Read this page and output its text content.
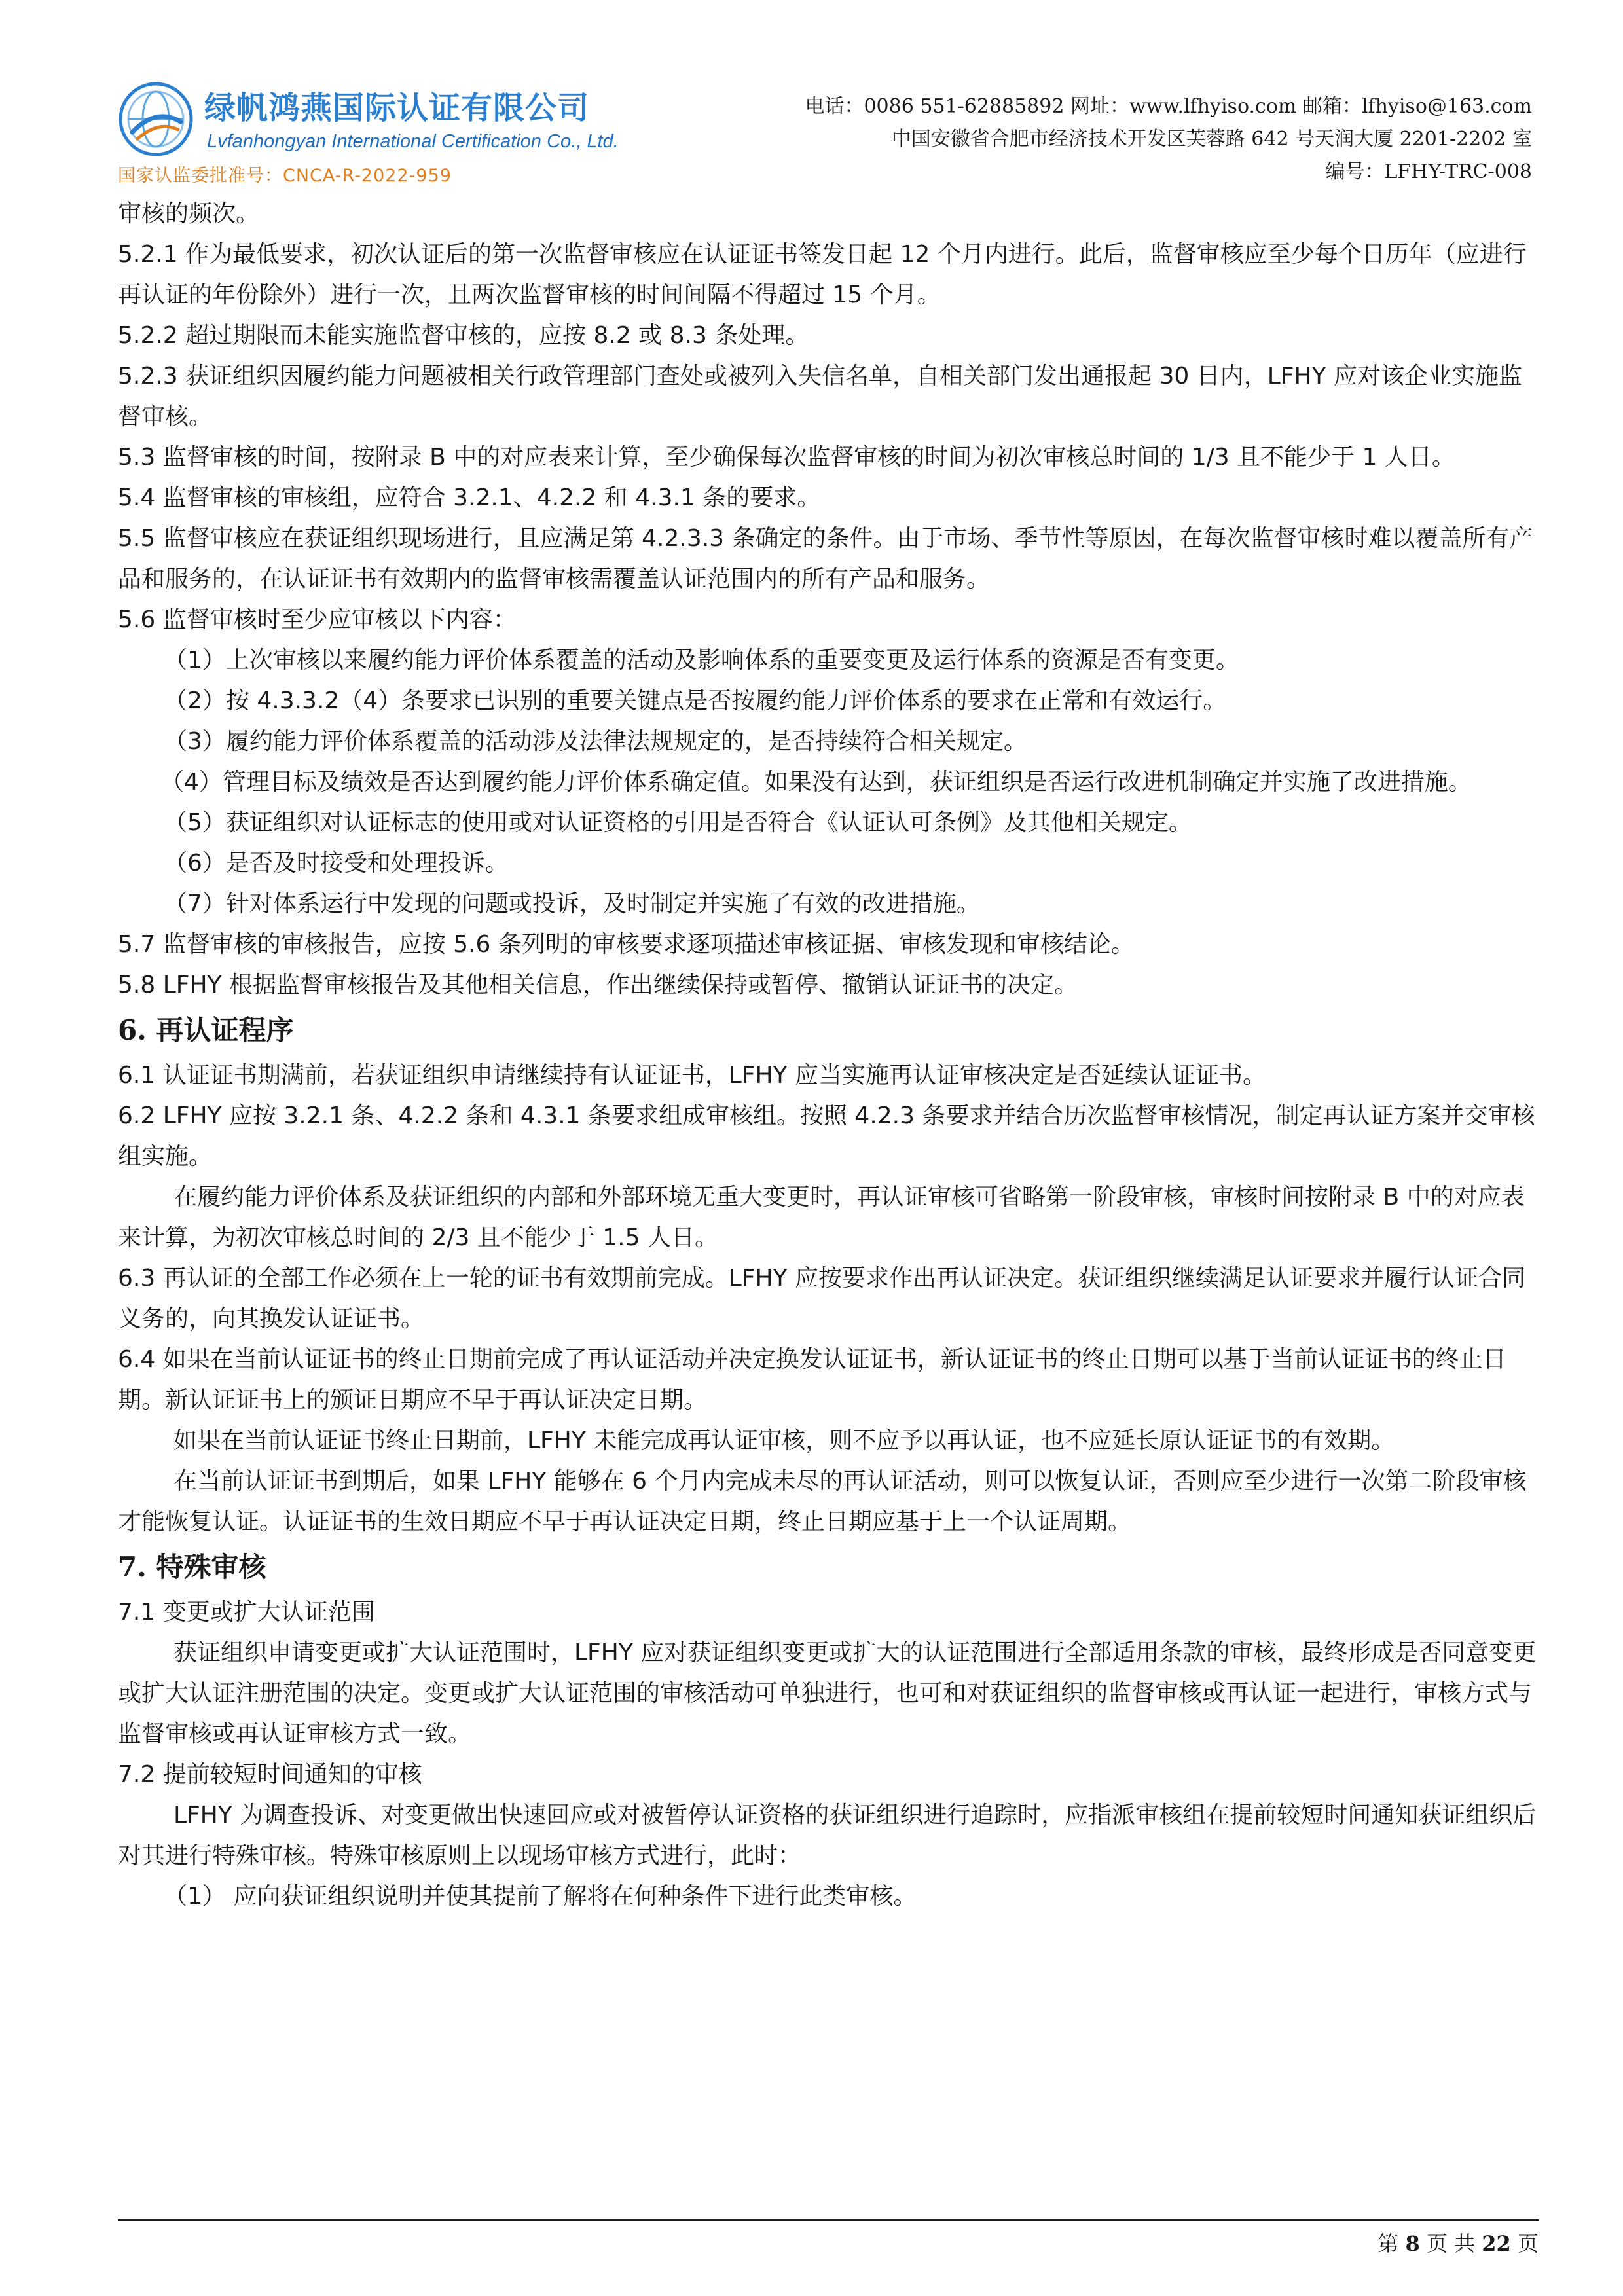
绿帆鸿燕国际认证有限公司
Lvfanhongyan International Certification Co., Ltd.
国家认监委批准号：CNCA-R-2022-959
电话：0086 551-62885892 网址：www.lfhyiso.com 邮箱：lfhyiso@163.com
中国安徽省合肥市经济技术开发区芙蓉路 642 号天润大厦 2201-2202 室
编号：LFHY-TRC-008

审核的频次。

5.2.1 作为最低要求，初次认证后的第一次监督审核应在认证证书签发日起 12 个月内进行。此后，监督审核应至少每个日历年（应进行再认证的年份除外）进行一次，且两次监督审核的时间间隔不得超过 15 个月。

5.2.2 超过期限而未能实施监督审核的，应按 8.2 或 8.3 条处理。

5.2.3 获证组织因履约能力问题被相关行政管理部门查处或被列入失信名单，自相关部门发出通报起 30 日内，LFHY 应对该企业实施监督审核。

5.3 监督审核的时间，按附录 B 中的对应表来计算，至少确保每次监督审核的时间为初次审核总时间的 1/3 且不能少于 1 人日。

5.4 监督审核的审核组，应符合 3.2.1、4.2.2 和 4.3.1 条的要求。

5.5 监督审核应在获证组织现场进行，且应满足第 4.2.3.3 条确定的条件。由于市场、季节性等原因，在每次监督审核时难以覆盖所有产品和服务的，在认证证书有效期内的监督审核需覆盖认证范围内的所有产品和服务。

5.6 监督审核时至少应审核以下内容：

（1）上次审核以来履约能力评价体系覆盖的活动及影响体系的重要变更及运行体系的资源是否有变更。

（2）按 4.3.3.2（4）条要求已识别的重要关键点是否按履约能力评价体系的要求在正常和有效运行。

（3）履约能力评价体系覆盖的活动涉及法律法规规定的，是否持续符合相关规定。

（4）管理目标及绩效是否达到履约能力评价体系确定值。如果没有达到，获证组织是否运行改进机制确定并实施了改进措施。

（5）获证组织对认证标志的使用或对认证资格的引用是否符合《认证认可条例》及其他相关规定。

（6）是否及时接受和处理投诉。

（7）针对体系运行中发现的问题或投诉，及时制定并实施了有效的改进措施。

5.7 监督审核的审核报告，应按 5.6 条列明的审核要求逐项描述审核证据、审核发现和审核结论。

5.8 LFHY 根据监督审核报告及其他相关信息，作出继续保持或暂停、撤销认证证书的决定。

6. 再认证程序

6.1 认证证书期满前，若获证组织申请继续持有认证证书，LFHY 应当实施再认证审核决定是否延续认证证书。

6.2 LFHY 应按 3.2.1 条、4.2.2 条和 4.3.1 条要求组成审核组。按照 4.2.3 条要求并结合历次监督审核情况，制定再认证方案并交审核组实施。

在履约能力评价体系及获证组织的内部和外部环境无重大变更时，再认证审核可省略第一阶段审核，审核时间按附录 B 中的对应表来计算，为初次审核总时间的 2/3 且不能少于 1.5 人日。

6.3 再认证的全部工作必须在上一轮的证书有效期前完成。LFHY 应按要求作出再认证决定。获证组织继续满足认证要求并履行认证合同义务的，向其换发认证证书。

6.4 如果在当前认证证书的终止日期前完成了再认证活动并决定换发认证证书，新认证证书的终止日期可以基于当前认证证书的终止日期。新认证证书上的颁证日期应不早于再认证决定日期。

如果在当前认证证书终止日期前，LFHY 未能完成再认证审核，则不应予以再认证，也不应延长原认证证书的有效期。

在当前认证证书到期后，如果 LFHY 能够在 6 个月内完成未尽的再认证活动，则可以恢复认证，否则应至少进行一次第二阶段审核才能恢复认证。认证证书的生效日期应不早于再认证决定日期，终止日期应基于上一个认证周期。

7. 特殊审核

7.1 变更或扩大认证范围

获证组织申请变更或扩大认证范围时，LFHY 应对获证组织变更或扩大的认证范围进行全部适用条款的审核，最终形成是否同意变更或扩大认证注册范围的决定。变更或扩大认证范围的审核活动可单独进行，也可和对获证组织的监督审核或再认证一起进行，审核方式与监督审核或再认证审核方式一致。

7.2 提前较短时间通知的审核

LFHY 为调查投诉、对变更做出快速回应或对被暂停认证资格的获证组织进行追踪时，应指派审核组在提前较短时间通知获证组织后对其进行特殊审核。特殊审核原则上以现场审核方式进行，此时：

（1） 应向获证组织说明并使其提前了解将在何种条件下进行此类审核。

第 8 页 共 22 页
